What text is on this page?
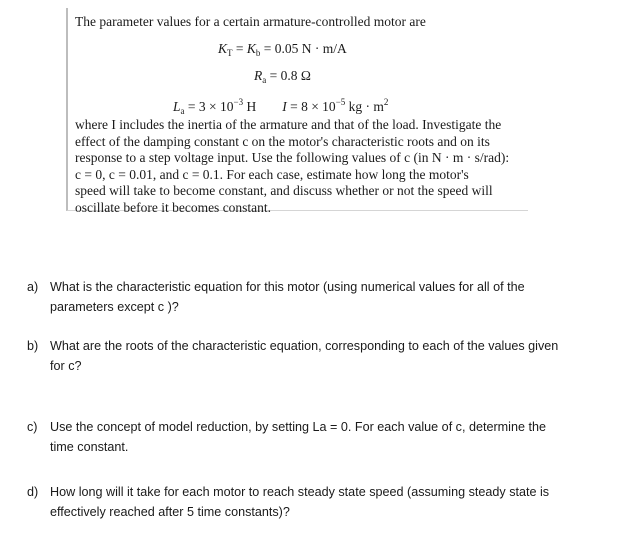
The parameter values for a certain armature-controlled motor are
$K_T = K_b = 0.05$ N · m/A
$R_a = 0.8$ Ω
$L_a = 3 \times 10^{-3}$ H $I = 8 \times 10^{-5}$ kg · $m^2$
where I includes the inertia of the armature and that of the load. Investigate the
effect of the damping constant c on the motor's characteristic roots and on its
response to a step voltage input. Use the following values of c (in N · m · s/rad):
c = 0, c = 0.01, and c = 0.1. For each case, estimate how long the motor's
speed will take to become constant, and discuss whether or not the speed will
oscillate before it becomes constant.
a) What is the characteristic equation for this motor (using numerical values for all of the
parameters except c )?
b) What are the roots of the characteristic equation, corresponding to each of the values given
for c?
c) Use the concept of model reduction, by setting La = 0. For each value of c, determine the
time constant.
d) How long will it take for each motor to reach steady state speed (assuming steady state is
effectively reached after 5 time constants)?
